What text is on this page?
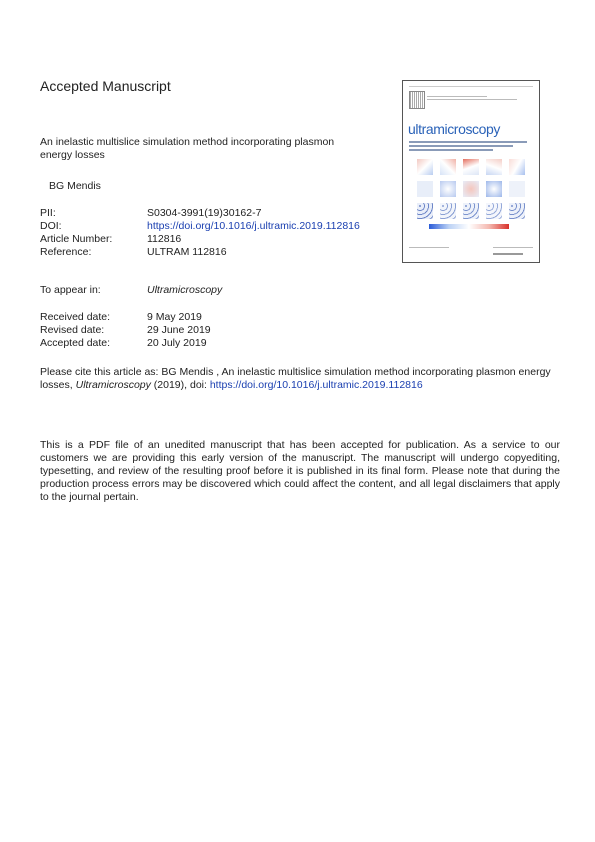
Accepted Manuscript
An inelastic multislice simulation method incorporating plasmon energy losses
BG Mendis
PII:	S0304-3991(19)30162-7
DOI:	https://doi.org/10.1016/j.ultramic.2019.112816
Article Number:	112816
Reference:	ULTRAM 112816
To appear in:	Ultramicroscopy
Received date:	9 May 2019
Revised date:	29 June 2019
Accepted date:	20 July 2019
Please cite this article as: BG Mendis , An inelastic multislice simulation method incorporating plasmon energy losses, Ultramicroscopy (2019), doi: https://doi.org/10.1016/j.ultramic.2019.112816
This is a PDF file of an unedited manuscript that has been accepted for publication. As a service to our customers we are providing this early version of the manuscript. The manuscript will undergo copyediting, typesetting, and review of the resulting proof before it is published in its final form. Please note that during the production process errors may be discovered which could affect the content, and all legal disclaimers that apply to the journal pertain.
ultramicroscopy
